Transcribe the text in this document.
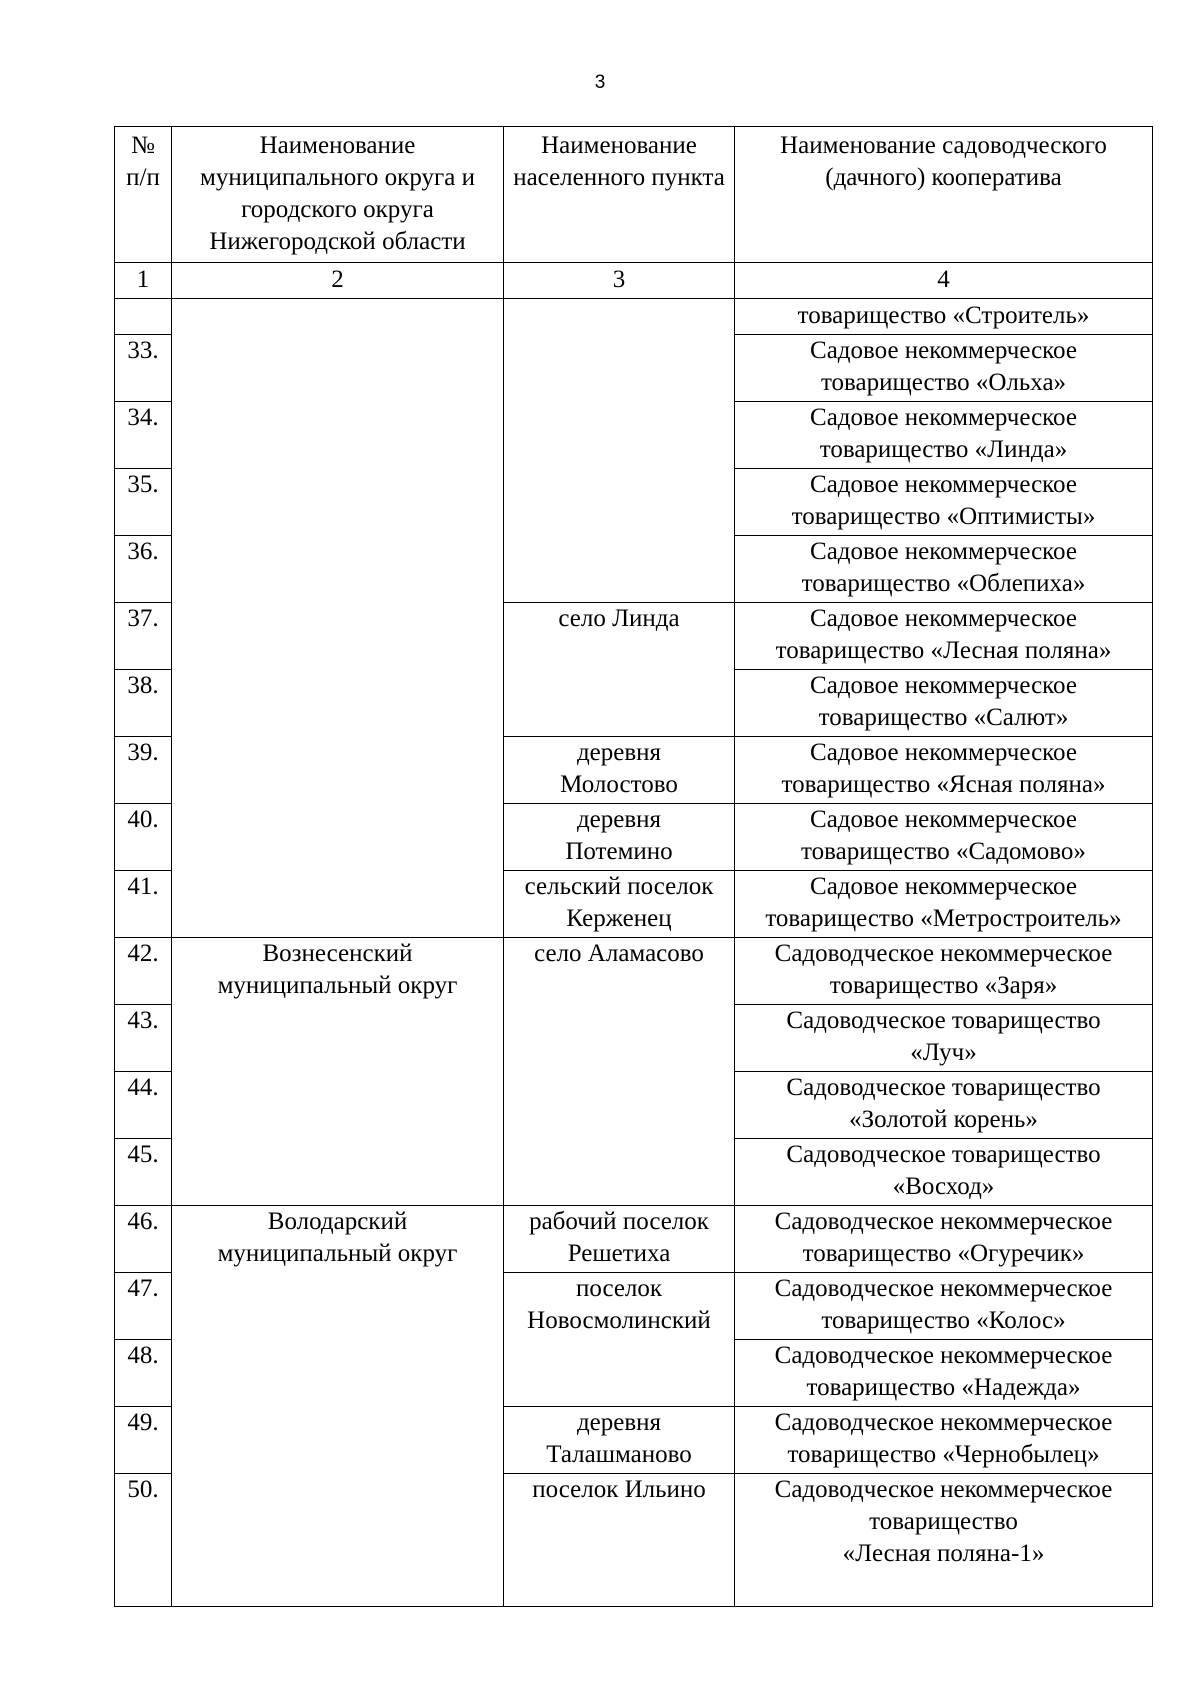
3
№ п/п	Наименование муниципального округа и городского округа Нижегородской области	Наименование населенного пункта	Наименование садоводческого (дачного) кооператива
1	2	3	4
			товарищество «Строитель»
33.			Садовое некоммерческое
товарищество «Ольха»
34.			Садовое некоммерческое
товарищество «Линда»
35.			Садовое некоммерческое
товарищество «Оптимисты»
36.			Садовое некоммерческое
товарищество «Облепиха»
37.		село Линда	Садовое некоммерческое
товарищество «Лесная поляна»
38.			Садовое некоммерческое
товарищество «Салют»
39.		деревня
Молостово	Садовое некоммерческое
товарищество «Ясная поляна»
40.		деревня
Потемино	Садовое некоммерческое
товарищество «Садомово»
41.		сельский поселок
Керженец	Садовое некоммерческое
товарищество «Метростроитель»
42.	Вознесенский
муниципальный округ	село Аламасово	Садоводческое некоммерческое
товарищество «Заря»
43.			Садоводческое товарищество
«Луч»
44.			Садоводческое товарищество
«Золотой корень»
45.			Садоводческое товарищество
«Восход»
46.	Володарский
муниципальный округ	рабочий поселок
Решетиха	Садоводческое некоммерческое
товарищество «Огуречик»
47.		поселок
Новосмолинский	Садоводческое некоммерческое
товарищество «Колос»
48.			Садоводческое некоммерческое
товарищество «Надежда»
49.		деревня
Талашманово	Садоводческое некоммерческое
товарищество «Чернобылец»
50.		поселок Ильино	Садоводческое некоммерческое
товарищество
«Лесная поляна-1»
